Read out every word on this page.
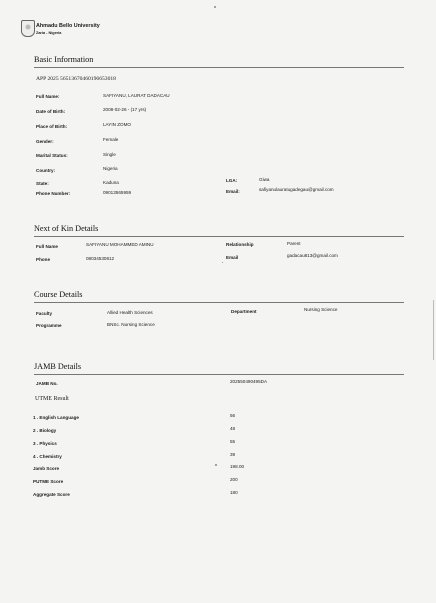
Ahmadu Bello University
Zaria - Nigeria
Basic Information
APP 2025 56513670460196653018
Full Name:	SAFIYANU, LAURAT DADACAU
Date of Birth:	2008-02-26 - (17 yrs)
Place of Birth:	LAYIN ZOMO
Gender:	Female
Marital Status:	Single
Country:	Nigeria
State:	Kaduna
Phone Number:	09013565959
LGA:	Giwa
Email:	safiyanulauratugadegau@gmail.com
Next of Kin Details
Full Name	SAFIYANU MOHAMMED AMINU	Relationship	Parent
Phone	08034530812	Email	gadacau813@gmail.com
Course Details
Faculty	Allied Health Sciences	Department	Nursing Science
Programme	BNSc. Nursing Science
JAMB Details
JAMB No.	202550490495DA
UTME Result
1 . English Language	56
2 . Biology	48
3 . Physics	55
4 . Chemistry	39
Jamb Score	198.00
PUTME Score	200
Aggregate Score	180
